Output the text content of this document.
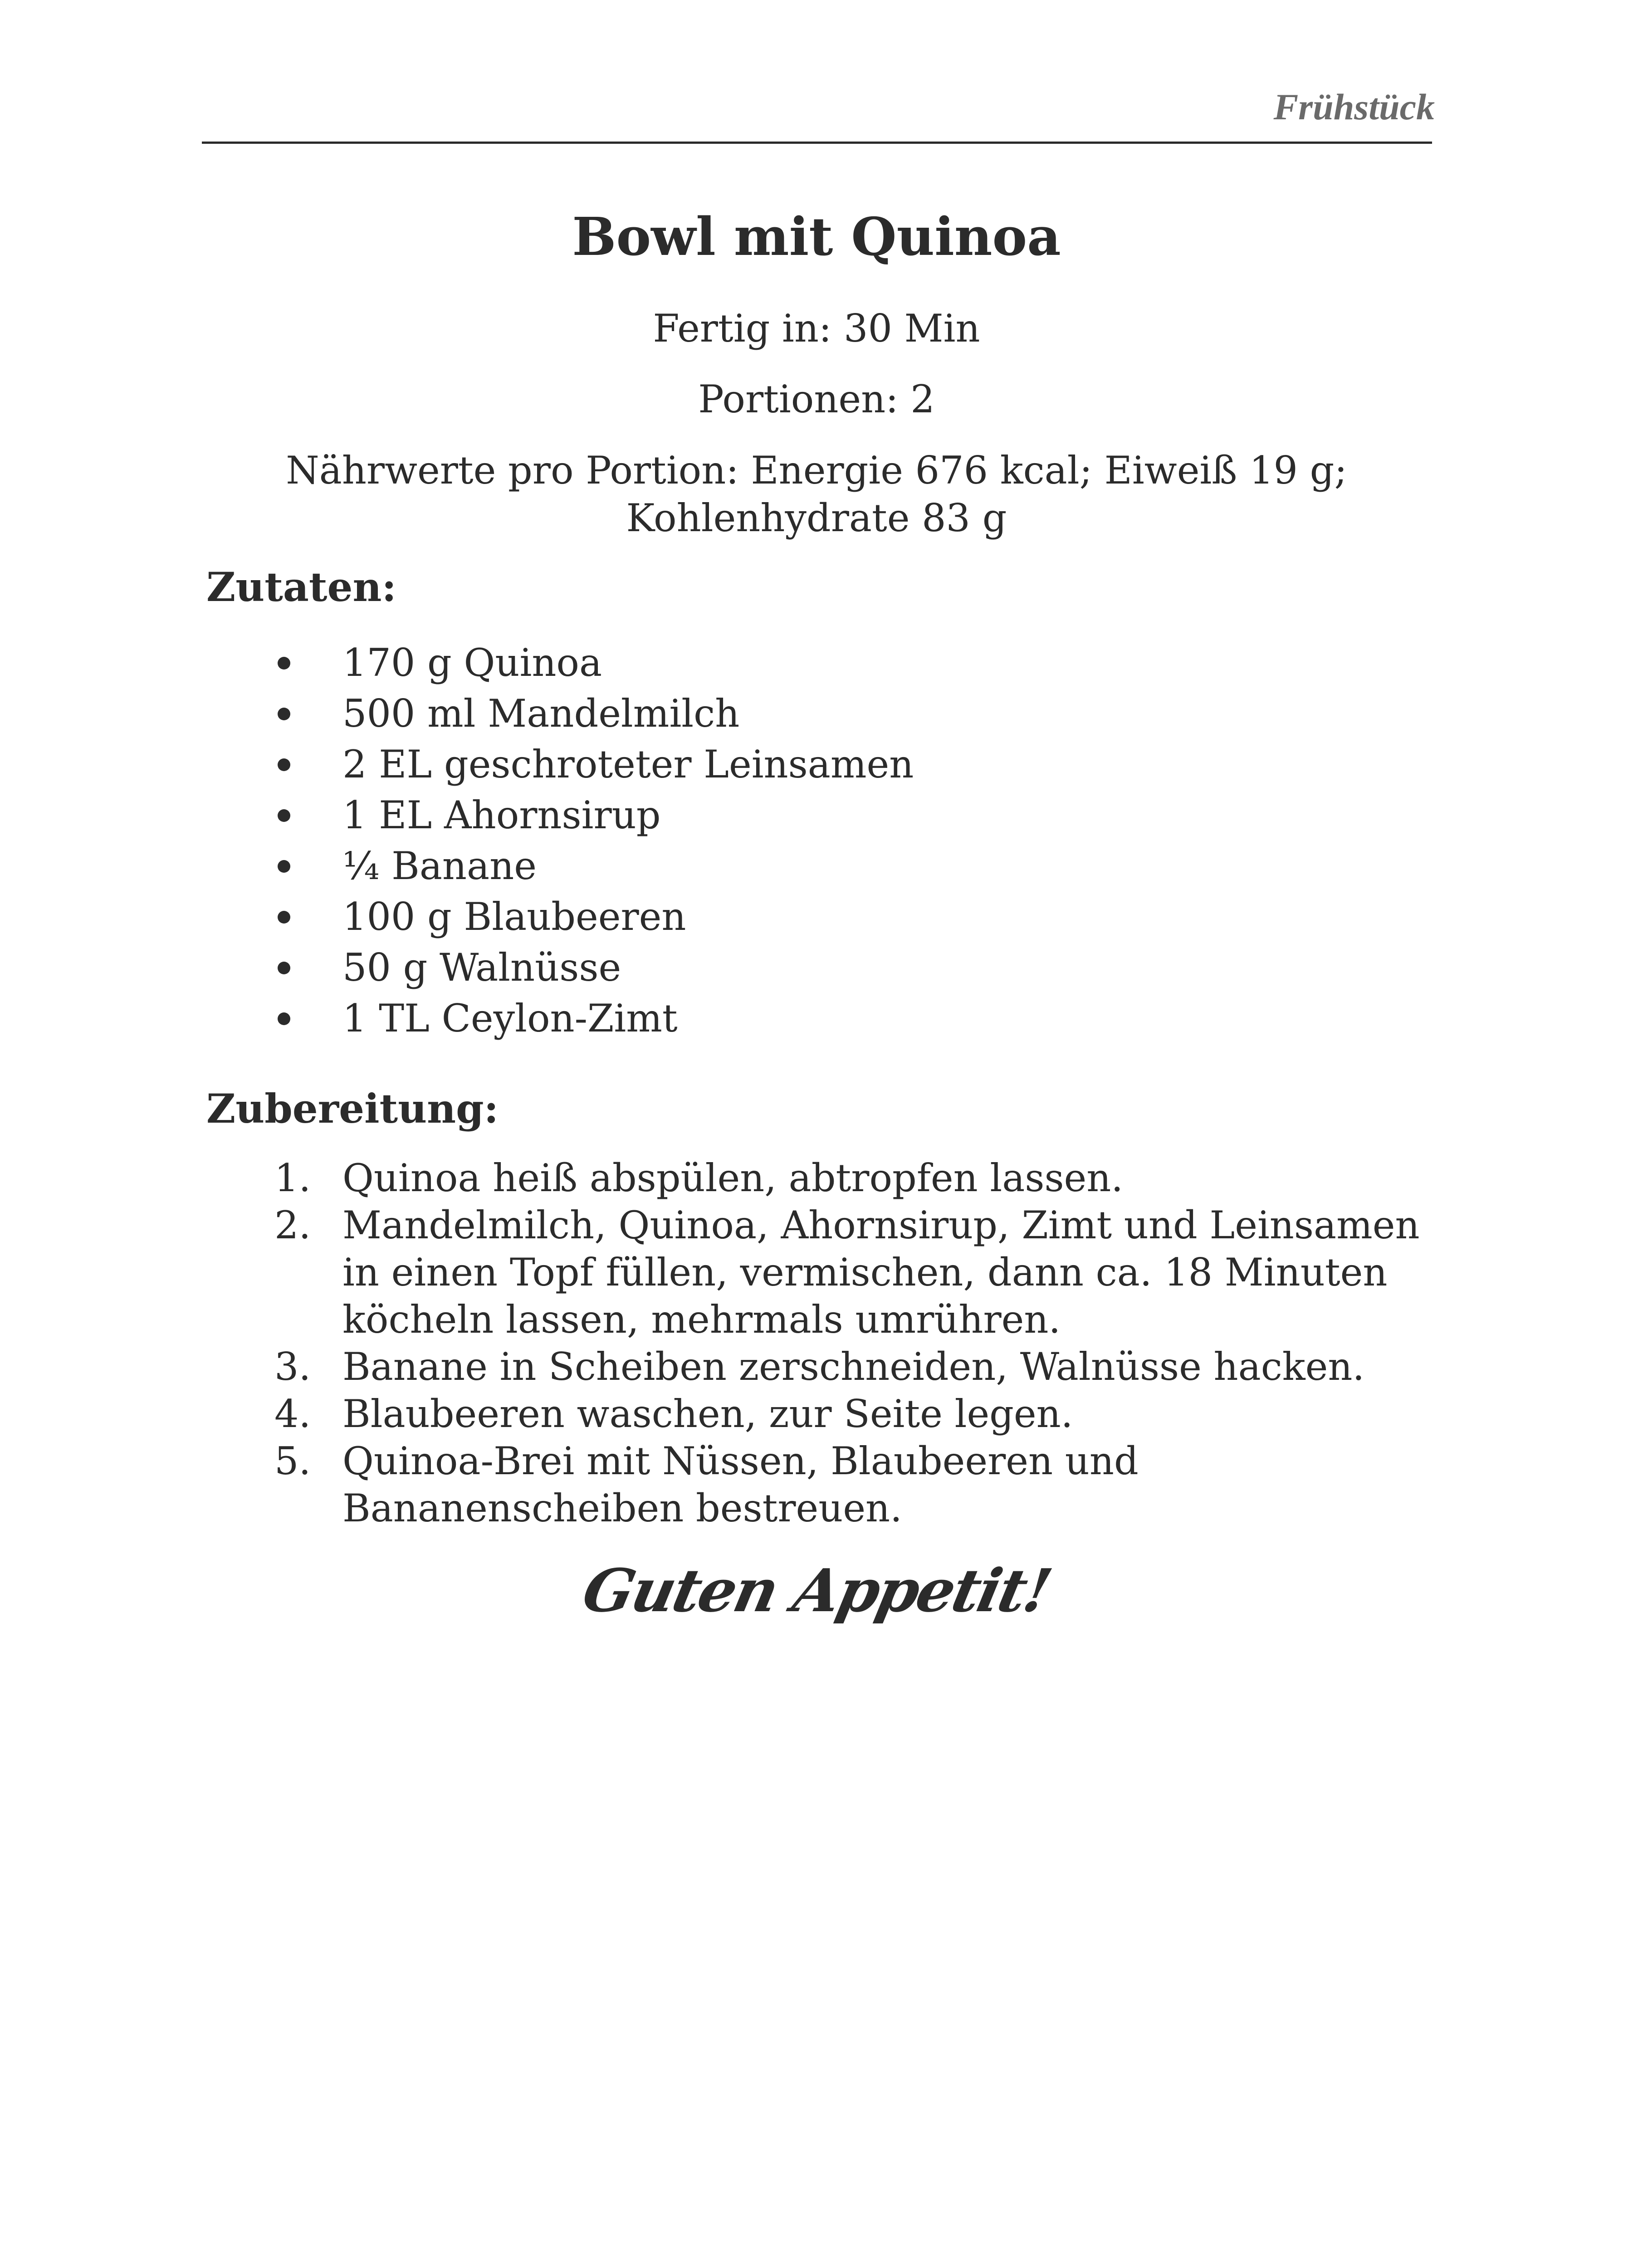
Frühstück
Bowl mit Quinoa
Fertig in: 30 Min
Portionen: 2
Nährwerte pro Portion: Energie 676 kcal; Eiweiß 19 g;
Kohlenhydrate 83 g
Zutaten:
170 g Quinoa
500 ml Mandelmilch
2 EL geschroteter Leinsamen
1 EL Ahornsirup
¼ Banane
100 g Blaubeeren
50 g Walnüsse
1 TL Ceylon-Zimt
Zubereitung:
1. Quinoa heiß abspülen, abtropfen lassen.
2. Mandelmilch, Quinoa, Ahornsirup, Zimt und Leinsamen in einen Topf füllen, vermischen, dann ca. 18 Minuten köcheln lassen, mehrmals umrühren.
3. Banane in Scheiben zerschneiden, Walnüsse hacken.
4. Blaubeeren waschen, zur Seite legen.
5. Quinoa-Brei mit Nüssen, Blaubeeren und Bananenscheiben bestreuen.
Guten Appetit!
